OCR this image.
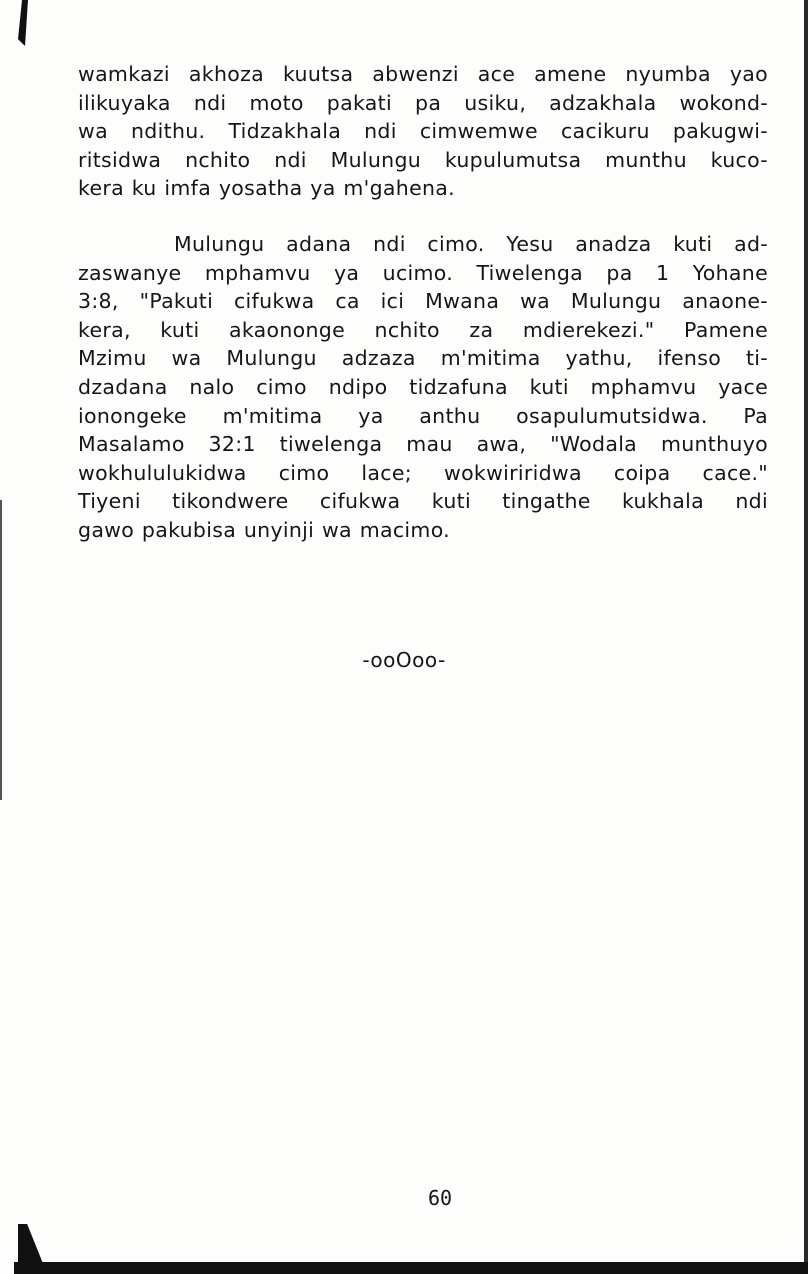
wamkazi akhoza kuutsa abwenzi ace amene nyumba yao
ilikuyaka ndi moto pakati pa usiku, adzakhala wokond-
wa ndithu. Tidzakhala ndi cimwemwe cacikuru pakugwi-
ritsidwa nchito ndi Mulungu kupulumutsa munthu kuco-
kera ku imfa yosatha ya m'gahena.
Mulungu adana ndi cimo. Yesu anadza kuti ad-
zaswanye mphamvu ya ucimo. Tiwelenga pa 1 Yohane
3:8, "Pakuti cifukwa ca ici Mwana wa Mulungu anaone-
kera, kuti akaononge nchito za mdierekezi." Pamene
Mzimu wa Mulungu adzaza m'mitima yathu, ifenso ti-
dzadana nalo cimo ndipo tidzafuna kuti mphamvu yace
ionongeke m'mitima ya anthu osapulumutsidwa. Pa
Masalamo 32:1 tiwelenga mau awa, "Wodala munthuyo
wokhululukidwa cimo lace; wokwiriridwa coipa cace."
Tiyeni tikondwere cifukwa kuti tingathe kukhala ndi
gawo pakubisa unyinji wa macimo.
-ooOoo-
60
